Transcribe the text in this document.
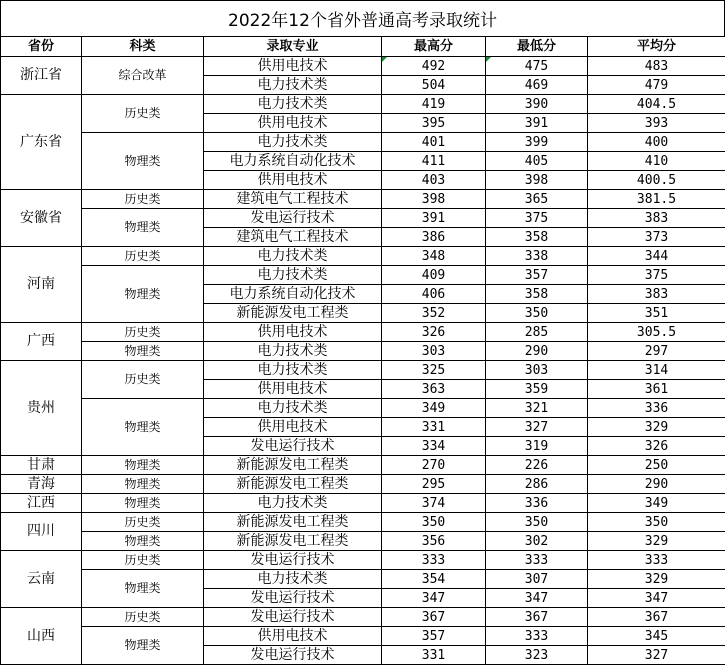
2022年12个省外普通高考录取统计
省份	科类	录取专业	最高分	最低分	平均分
浙江省	综合改革	供用电技术	492	475	483
		电力技术类	504	469	479
广东省	历史类	电力技术类	419	390	404.5
		供用电技术	395	391	393
	物理类	电力技术类	401	399	400
		电力系统自动化技术	411	405	410
		供用电技术	403	398	400.5
安徽省	历史类	建筑电气工程技术	398	365	381.5
	物理类	发电运行技术	391	375	383
		建筑电气工程技术	386	358	373
河南	历史类	电力技术类	348	338	344
	物理类	电力技术类	409	357	375
		电力系统自动化技术	406	358	383
		新能源发电工程类	352	350	351
广西	历史类	供用电技术	326	285	305.5
	物理类	电力技术类	303	290	297
贵州	历史类	电力技术类	325	303	314
		供用电技术	363	359	361
	物理类	电力技术类	349	321	336
		供用电技术	331	327	329
		发电运行技术	334	319	326
甘肃	物理类	新能源发电工程类	270	226	250
青海	物理类	新能源发电工程类	295	286	290
江西	物理类	电力技术类	374	336	349
四川	历史类	新能源发电工程类	350	350	350
	物理类	新能源发电工程类	356	302	329
云南	历史类	发电运行技术	333	333	333
	物理类	电力技术类	354	307	329
		发电运行技术	347	347	347
山西	历史类	发电运行技术	367	367	367
	物理类	供用电技术	357	333	345
		发电运行技术	331	323	327
